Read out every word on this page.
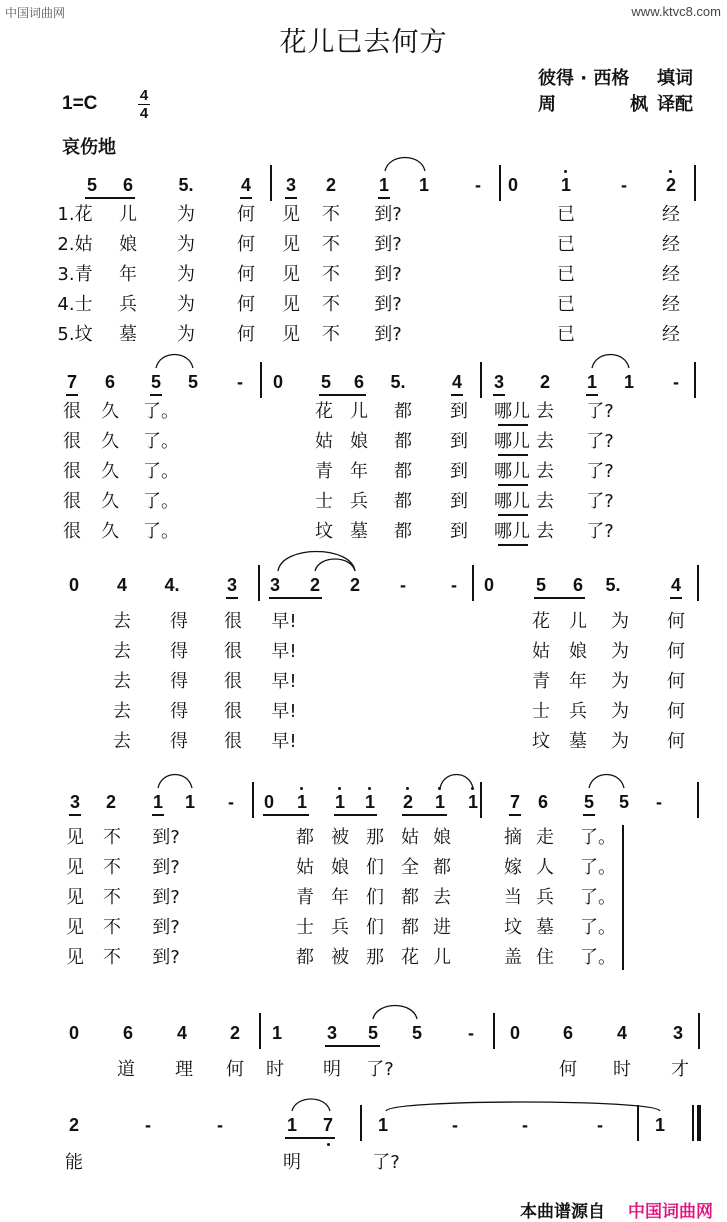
中国词曲网	www.ktvc8.com
花儿已去何方
彼得 · 西格 填词
周	枫 译配
1=C	4
4
哀伤地
5 6	5.	4 3 2 1 1	- 0 1	- 2
1.花 儿 为 何 见 不 到?	已	经
2.姑 娘 为 何 见 不 到?	已	经
3.青 年 为 何 见 不 到?	已	经
4.士 兵 为 何 见 不 到?	已	经
5.坟 墓 为 何 见 不 到?	已	经
7 6 5 5 - 0 5 6 5.	4 3 2 1 1 -
很 久 了。	花 儿 都 到 哪儿 去 了?
很 久 了。	姑 娘 都 到 哪儿 去 了?
很 久 了。	青 年 都 到 哪儿 去 了?
很 久 了。	士 兵 都 到 哪儿 去 了?
很 久 了。	坟 墓 都 到 哪儿 去 了?
0 4 4.	3 3 2 2 -	- 0 5 6 5.	4
去 得 很 早!	花 儿 为 何
去 得 很 早!	姑 娘 为 何
去 得 很 早!	青 年 为 何
去 得 很 早!	士 兵 为 何
去 得 很 早!	坟 墓 为 何
3 2 1 1 - 0 1 1 1 2 1 1 7 6 5 5 -
见 不 到?	都 被 那 姑 娘	摘 走 了。
见 不 到?	姑 娘 们 全 都	嫁 人 了。
见 不 到?	青 年 们 都 去	当 兵 了。
见 不 到?	士 兵 们 都 进	坟 墓 了。
见 不 到?	都 被 那 花 儿	盖 住 了。
0 6 4 2 1 3 5 5	- 0 6 4	3
道 理 何 时 明 了?	何 时 才
2	-	-	1 7 1	-	-	-	1
能	明	了?
本曲谱源自 中国词曲网
